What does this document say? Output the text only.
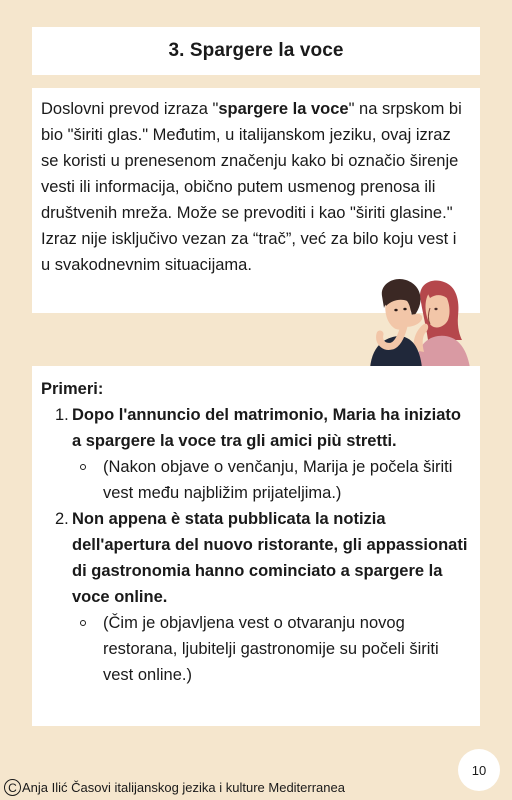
3. Spargere la voce

Doslovni prevod izraza "spargere la voce" na srpskom bi bio "širiti glas." Međutim, u italijanskom jeziku, ovaj izraz se koristi u prenesenom značenju kako bi označio širenje vesti ili informacija, obično putem usmenog prenosa ili društvenih mreža. Može se prevoditi i kao "širiti glasine."

Izraz nije isključivo vezan za “trač”, već za bilo koju vest i u svakodnevnim situacijama.

Primeri:

1. Dopo l'annuncio del matrimonio, Maria ha iniziato a spargere la voce tra gli amici più stretti.
(Nakon objave o venčanju, Marija je počela širiti vest među najbližim prijateljima.)
2. Non appena è stata pubblicata la notizia dell'apertura del nuovo ristorante, gli appassionati di gastronomia hanno cominciato a spargere la voce online.
(Čim je objavljena vest o otvaranju novog restorana, ljubitelji gastronomije su počeli širiti vest online.)
10
C Anja Ilić Časovi italijanskog jezika i kulture Mediterranea
